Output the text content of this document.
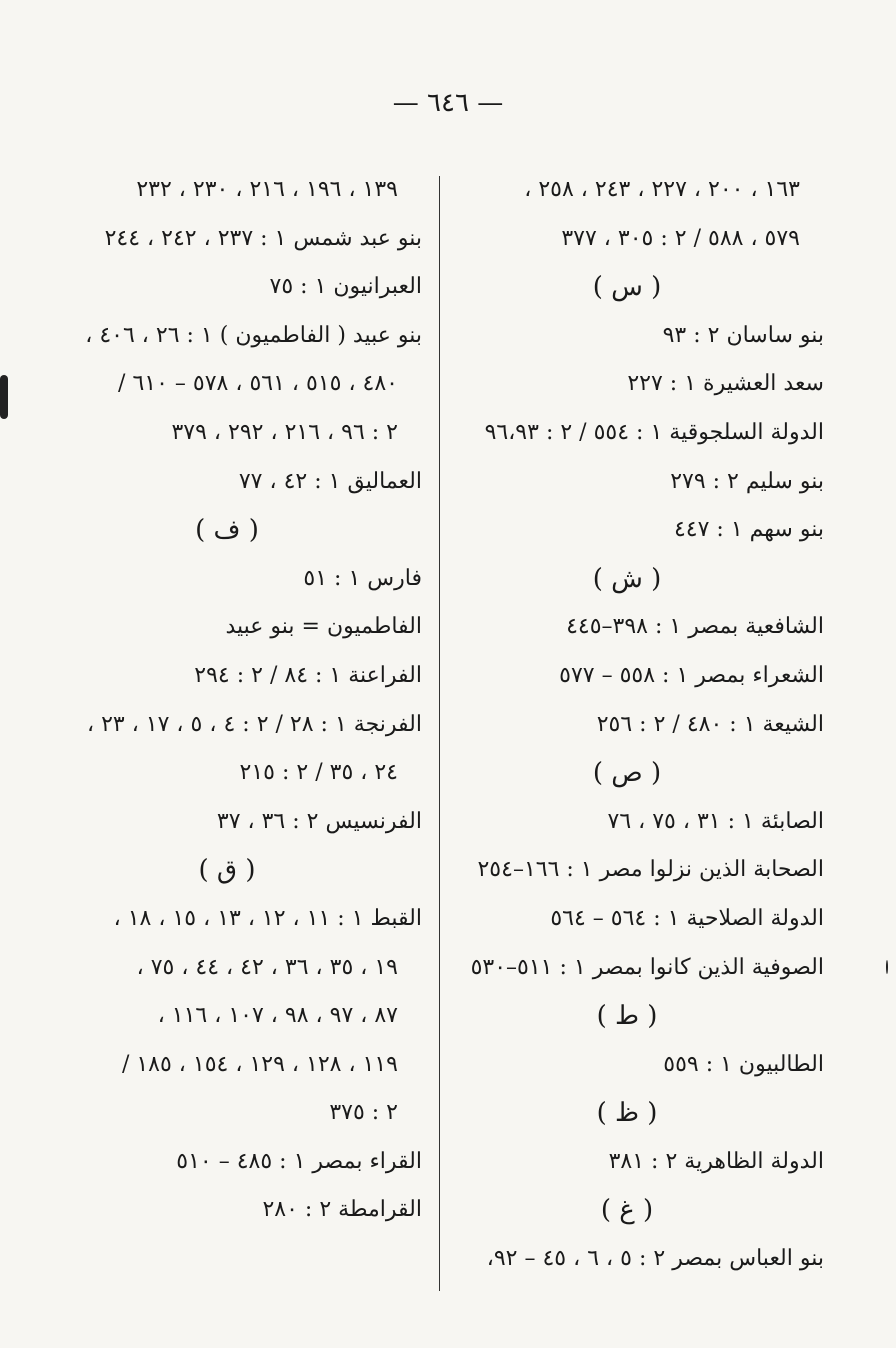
— ٦٤٦ —
١٦٣ ، ٢٠٠ ، ٢٢٧ ، ٢٤٣ ، ٢٥٨ ،
٥٧٩ ، ٥٨٨ / ٢ : ٣٠٥ ، ٣٧٧
( س )
بنو ساسان ٢ : ٩٣
سعد العشيرة ١ : ٢٢٧
الدولة السلجوقية ١ : ٥٥٤ / ٢ : ٩٦،٩٣
بنو سليم ٢ : ٢٧٩
بنو سهم ١ : ٤٤٧
( ش )
الشافعية بمصر ١ : ٣٩٨–٤٤٥
الشعراء بمصر ١ : ٥٥٨ – ٥٧٧
الشيعة ١ : ٤٨٠ / ٢ : ٢٥٦
( ص )
الصابئة ١ : ٣١ ، ٧٥ ، ٧٦
الصحابة الذين نزلوا مصر ١ : ١٦٦–٢٥٤
الدولة الصلاحية ١ : ٥٦٤ – ٥٦٤
الصوفية الذين كانوا بمصر ١ : ٥١١–٥٣٠
( ط )
الطالبيون ١ : ٥٥٩
( ظ )
الدولة الظاهرية ٢ : ٣٨١
( غ )
بنو العباس بمصر ٢ : ٥ ، ٦ ، ٤٥ – ٩٢،
١٣٩ ، ١٩٦ ، ٢١٦ ، ٢٣٠ ، ٢٣٢
بنو عبد شمس ١ : ٢٣٧ ، ٢٤٢ ، ٢٤٤
العبرانيون ١ : ٧٥
بنو عبيد ( الفاطميون ) ١ : ٢٦ ، ٤٠٦ ،
٤٨٠ ، ٥١٥ ، ٥٦١ ، ٥٧٨ – ٦١٠ /
٢ : ٩٦ ، ٢١٦ ، ٢٩٢ ، ٣٧٩
العماليق ١ : ٤٢ ، ٧٧
( ف )
فارس ١ : ٥١
الفاطميون = بنو عبيد
الفراعنة ١ : ٨٤ / ٢ : ٢٩٤
الفرنجة ١ : ٢٨ / ٢ : ٤ ، ٥ ، ١٧ ، ٢٣ ،
٢٤ ، ٣٥ / ٢ : ٢١٥
الفرنسيس ٢ : ٣٦ ، ٣٧
( ق )
القبط ١ : ١١ ، ١٢ ، ١٣ ، ١٥ ، ١٨ ،
١٩ ، ٣٥ ، ٣٦ ، ٤٢ ، ٤٤ ، ٧٥ ،
٨٧ ، ٩٧ ، ٩٨ ، ١٠٧ ، ١١٦ ،
١١٩ ، ١٢٨ ، ١٢٩ ، ١٥٤ ، ١٨٥ /
٢ : ٣٧٥
القراء بمصر ١ : ٤٨٥ – ٥١٠
القرامطة ٢ : ٢٨٠
